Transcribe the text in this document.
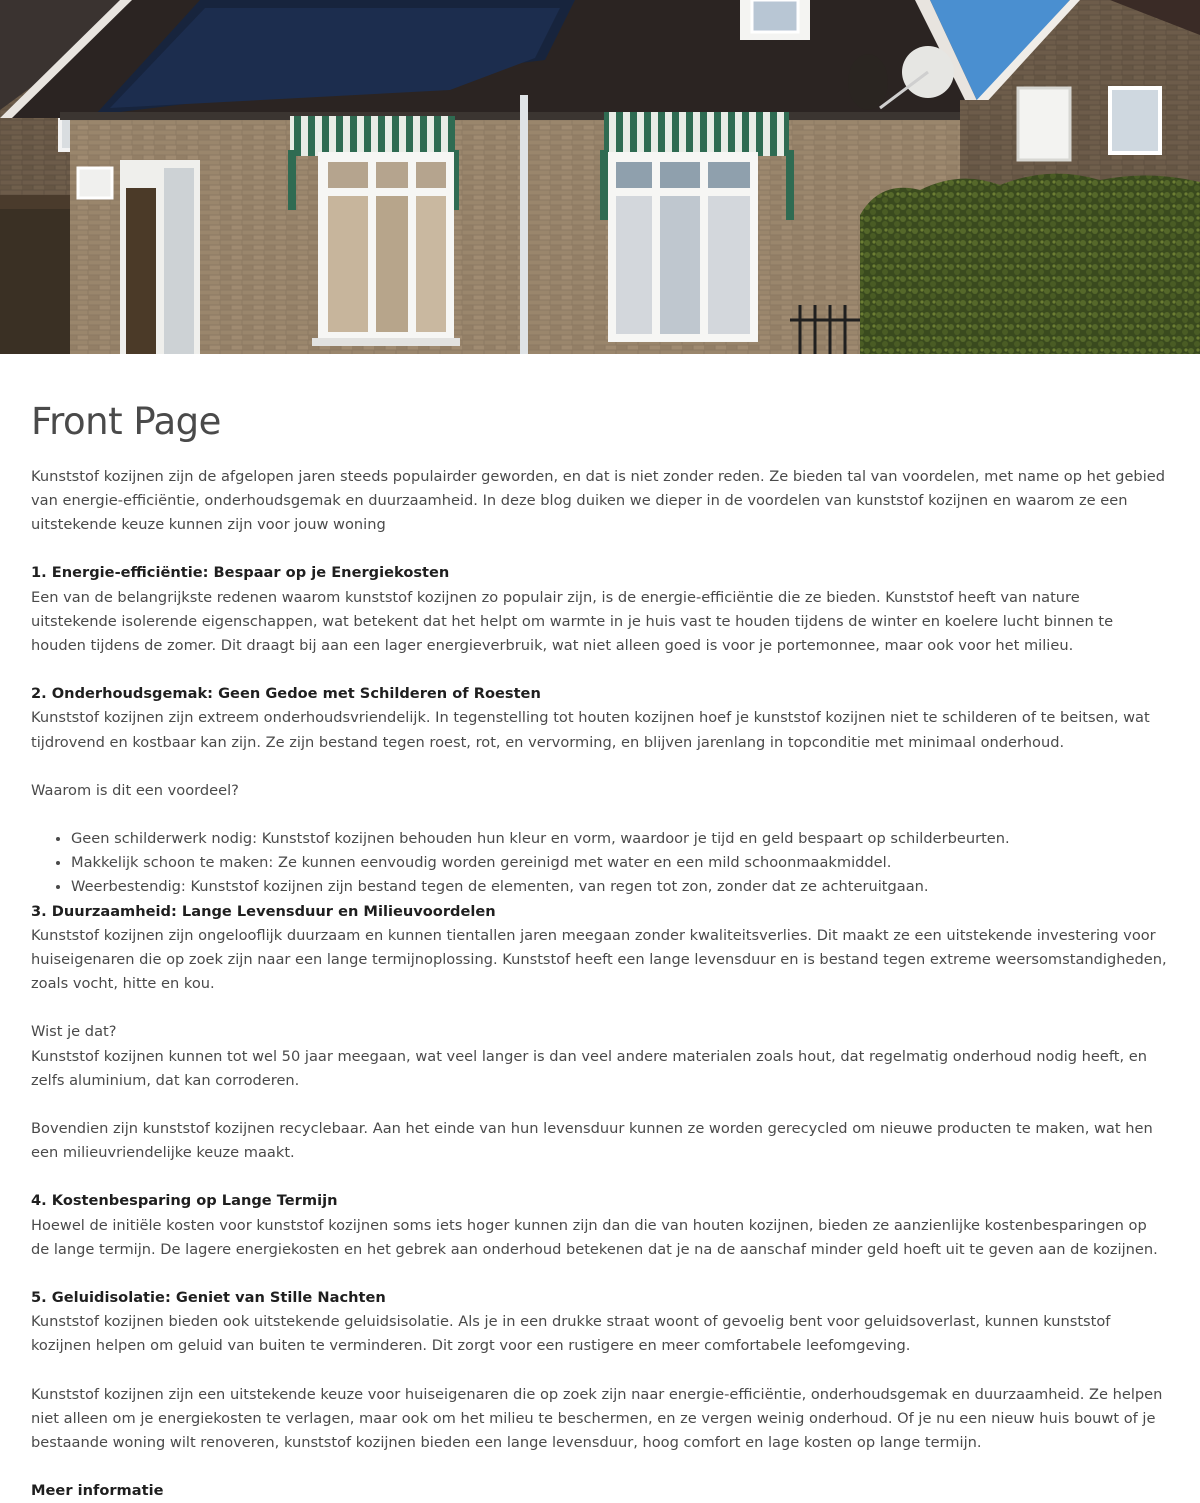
Front Page

Kunststof kozijnen zijn de afgelopen jaren steeds populairder geworden, en dat is niet zonder reden. Ze bieden tal van voordelen, met name op het gebied van energie-efficiëntie, onderhoudsgemak en duurzaamheid. In deze blog duiken we dieper in de voordelen van kunststof kozijnen en waarom ze een uitstekende keuze kunnen zijn voor jouw woning

1. Energie-efficiëntie: Bespaar op je Energiekosten
Een van de belangrijkste redenen waarom kunststof kozijnen zo populair zijn, is de energie-efficiëntie die ze bieden. Kunststof heeft van nature uitstekende isolerende eigenschappen, wat betekent dat het helpt om warmte in je huis vast te houden tijdens de winter en koelere lucht binnen te houden tijdens de zomer. Dit draagt bij aan een lager energieverbruik, wat niet alleen goed is voor je portemonnee, maar ook voor het milieu.

2. Onderhoudsgemak: Geen Gedoe met Schilderen of Roesten
Kunststof kozijnen zijn extreem onderhoudsvriendelijk. In tegenstelling tot houten kozijnen hoef je kunststof kozijnen niet te schilderen of te beitsen, wat tijdrovend en kostbaar kan zijn. Ze zijn bestand tegen roest, rot, en vervorming, en blijven jarenlang in topconditie met minimaal onderhoud.

Waarom is dit een voordeel?

• Geen schilderwerk nodig: Kunststof kozijnen behouden hun kleur en vorm, waardoor je tijd en geld bespaart op schilderbeurten.
• Makkelijk schoon te maken: Ze kunnen eenvoudig worden gereinigd met water en een mild schoonmaakmiddel.
• Weerbestendig: Kunststof kozijnen zijn bestand tegen de elementen, van regen tot zon, zonder dat ze achteruitgaan.

3. Duurzaamheid: Lange Levensduur en Milieuvoordelen
Kunststof kozijnen zijn ongelooflijk duurzaam en kunnen tientallen jaren meegaan zonder kwaliteitsverlies. Dit maakt ze een uitstekende investering voor huiseigenaren die op zoek zijn naar een lange termijnoplossing. Kunststof heeft een lange levensduur en is bestand tegen extreme weersomstandigheden, zoals vocht, hitte en kou.

Wist je dat?
Kunststof kozijnen kunnen tot wel 50 jaar meegaan, wat veel langer is dan veel andere materialen zoals hout, dat regelmatig onderhoud nodig heeft, en zelfs aluminium, dat kan corroderen.

Bovendien zijn kunststof kozijnen recyclebaar. Aan het einde van hun levensduur kunnen ze worden gerecycled om nieuwe producten te maken, wat hen een milieuvriendelijke keuze maakt.

4. Kostenbesparing op Lange Termijn
Hoewel de initiële kosten voor kunststof kozijnen soms iets hoger kunnen zijn dan die van houten kozijnen, bieden ze aanzienlijke kostenbesparingen op de lange termijn. De lagere energiekosten en het gebrek aan onderhoud betekenen dat je na de aanschaf minder geld hoeft uit te geven aan de kozijnen.

5. Geluidisolatie: Geniet van Stille Nachten
Kunststof kozijnen bieden ook uitstekende geluidsisolatie. Als je in een drukke straat woont of gevoelig bent voor geluidsoverlast, kunnen kunststof kozijnen helpen om geluid van buiten te verminderen. Dit zorgt voor een rustigere en meer comfortabele leefomgeving.

Kunststof kozijnen zijn een uitstekende keuze voor huiseigenaren die op zoek zijn naar energie-efficiëntie, onderhoudsgemak en duurzaamheid. Ze helpen niet alleen om je energiekosten te verlagen, maar ook om het milieu te beschermen, en ze vergen weinig onderhoud. Of je nu een nieuw huis bouwt of je bestaande woning wilt renoveren, kunststof kozijnen bieden een lange levensduur, hoog comfort en lage kosten op lange termijn.

Meer informatie
